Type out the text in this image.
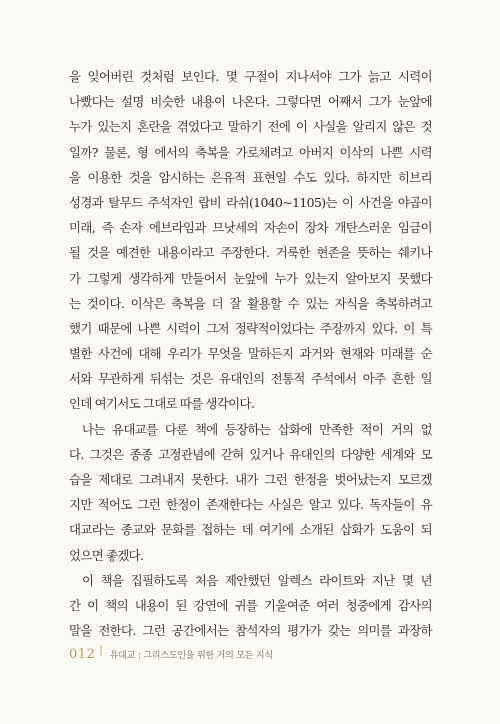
을 잊어버린 것처럼 보인다. 몇 구절이 지나서야 그가 늙고 시력이
나빴다는 설명 비슷한 내용이 나온다. 그렇다면 어째서 그가 눈앞에
누가 있는지 혼란을 겪었다고 말하기 전에 이 사실을 알리지 않은 것
일까? 물론, 형 에서의 축복을 가로채려고 아버지 이삭의 나쁜 시력
을 이용한 것을 암시하는 은유적 표현일 수도 있다. 하지만 히브리
성경과 탈무드 주석자인 랍비 라쉬(1040~1105)는 이 사건을 야곱이
미래, 즉 손자 에브라임과 므낫세의 자손이 장차 개탄스러운 임금이
될 것을 예견한 내용이라고 주장한다. 거룩한 현존을 뜻하는 쉐키나
가 그렇게 생각하게 만들어서 눈앞에 누가 있는지 알아보지 못했다
는 것이다. 이삭은 축복을 더 잘 활용할 수 있는 자식을 축복하려고
했기 때문에 나쁜 시력이 그저 정략적이었다는 주장까지 있다. 이 특
별한 사건에 대해 우리가 무엇을 말하든지 과거와 현재와 미래를 순
서와 무관하게 뒤섞는 것은 유대인의 전통적 주석에서 아주 흔한 일
인데 여기서도 그대로 따를 생각이다.
나는 유대교를 다룬 책에 등장하는 삽화에 만족한 적이 거의 없
다. 그것은 종종 고정관념에 갇혀 있거나 유대인의 다양한 세계와 모
습을 제대로 그려내지 못한다. 내가 그런 한정을 벗어났는지 모르겠
지만 적어도 그런 한정이 존재한다는 사실은 알고 있다. 독자들이 유
대교라는 종교와 문화를 접하는 데 여기에 소개된 삽화가 도움이 되
었으면 좋겠다.
이 책을 집필하도록 처음 제안했던 알렉스 라이트와 지난 몇 년
간 이 책의 내용이 된 강연에 귀를 기울여준 여러 청중에게 감사의
말을 전한다. 그런 공간에서는 참석자의 평가가 갖는 의미를 과장하
012 | 유대교 : 그리스도인을 위한 거의 모든 지식
